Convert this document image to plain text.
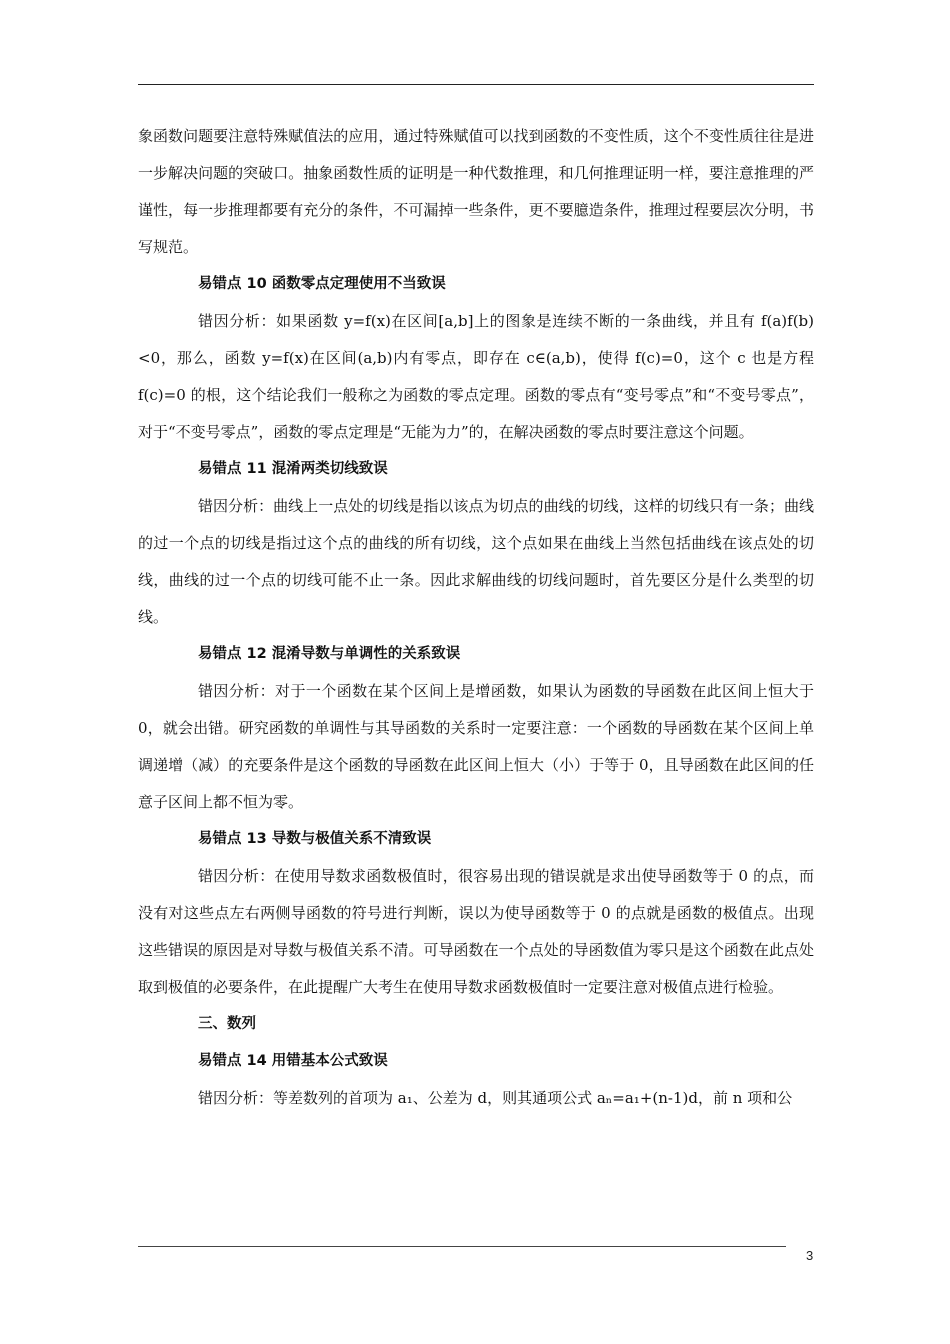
象函数问题要注意特殊赋值法的应用，通过特殊赋值可以找到函数的不变性质，这个不变性质往往是进一步解决问题的突破口。抽象函数性质的证明是一种代数推理，和几何推理证明一样，要注意推理的严谨性，每一步推理都要有充分的条件，不可漏掉一些条件，更不要臆造条件，推理过程要层次分明，书写规范。

易错点 10 函数零点定理使用不当致误

错因分析：如果函数 y=f(x)在区间[a,b]上的图象是连续不断的一条曲线，并且有 f(a)f(b)<0，那么，函数 y=f(x)在区间(a,b)内有零点，即存在 c∈(a,b)，使得 f(c)=0，这个 c 也是方程 f(c)=0 的根，这个结论我们一般称之为函数的零点定理。函数的零点有“变号零点”和“不变号零点”，对于“不变号零点”，函数的零点定理是“无能为力”的，在解决函数的零点时要注意这个问题。

易错点 11 混淆两类切线致误

错因分析：曲线上一点处的切线是指以该点为切点的曲线的切线，这样的切线只有一条；曲线的过一个点的切线是指过这个点的曲线的所有切线，这个点如果在曲线上当然包括曲线在该点处的切线，曲线的过一个点的切线可能不止一条。因此求解曲线的切线问题时，首先要区分是什么类型的切线。

易错点 12 混淆导数与单调性的关系致误

错因分析：对于一个函数在某个区间上是增函数，如果认为函数的导函数在此区间上恒大于 0，就会出错。研究函数的单调性与其导函数的关系时一定要注意：一个函数的导函数在某个区间上单调递增（减）的充要条件是这个函数的导函数在此区间上恒大（小）于等于 0，且导函数在此区间的任意子区间上都不恒为零。

易错点 13 导数与极值关系不清致误

错因分析：在使用导数求函数极值时，很容易出现的错误就是求出使导函数等于 0 的点，而没有对这些点左右两侧导函数的符号进行判断，误以为使导函数等于 0 的点就是函数的极值点。出现这些错误的原因是对导数与极值关系不清。可导函数在一个点处的导函数值为零只是这个函数在此点处取到极值的必要条件，在此提醒广大考生在使用导数求函数极值时一定要注意对极值点进行检验。

三、数列
易错点 14 用错基本公式致误

错因分析：等差数列的首项为 a₁、公差为 d，则其通项公式 aₙ=a₁+(n-1)d，前 n 项和公

3
